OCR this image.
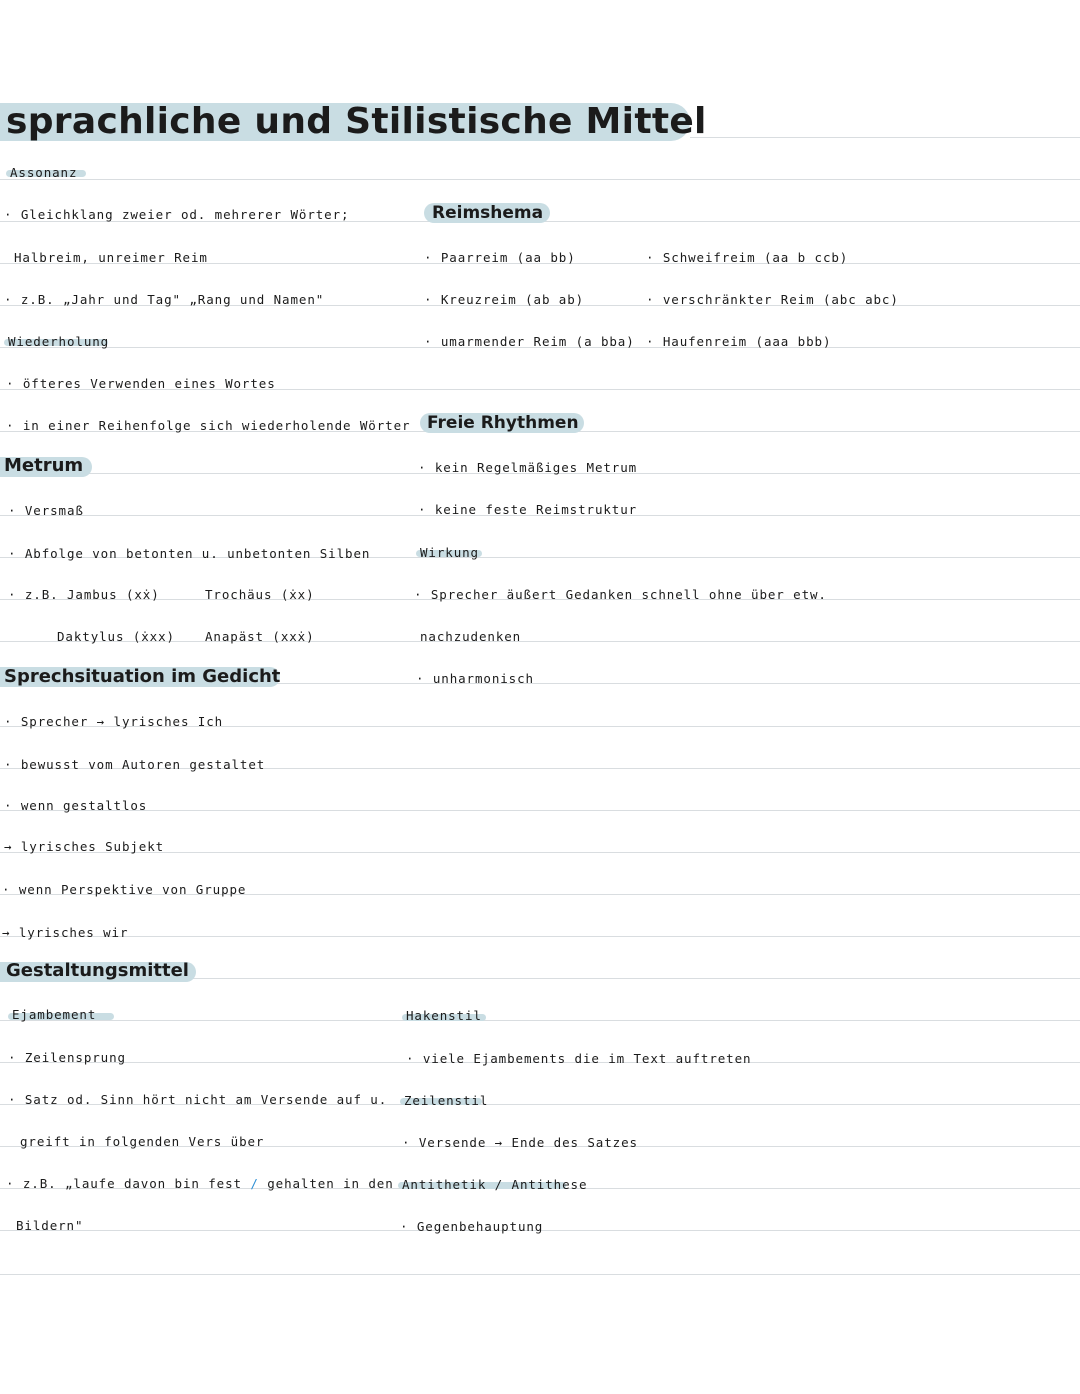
sprachliche und Stilistische Mittel
Assonanz
· Gleichklang zweier od. mehrerer Wörter;
Halbreim, unreimer Reim
· z.B. „Jahr und Tag" „Rang und Namen"
Wiederholung
· öfteres Verwenden eines Wortes
· in einer Reihenfolge sich wiederholende Wörter
Metrum
· Versmaß
· Abfolge von betonten u. unbetonten Silben
· z.B. Jambus (xẋ)	Trochäus (ẋx)
Daktylus (ẋxx) Anapäst (xxẋ)
Sprechsituation im Gedicht
· Sprecher → lyrisches Ich
· bewusst vom Autoren gestaltet
· wenn gestaltlos
→ lyrisches Subjekt
· wenn Perspektive von Gruppe
→ lyrisches wir
Gestaltungsmittel
Ejambement
· Zeilensprung
· Satz od. Sinn hört nicht am Versende auf u.
greift in folgenden Vers über
· z.B. „laufe davon bin fest / gehalten in den
Bildern"
Reimshema
· Paarreim (aa bb)
· Kreuzreim (ab ab)
· umarmender Reim (a bba)
· Schweifreim (aa b ccb)
· verschränkter Reim (abc abc)
· Haufenreim (aaa bbb)
Freie Rhythmen
· kein Regelmäßiges Metrum
· keine feste Reimstruktur
Wirkung
· Sprecher äußert Gedanken schnell ohne über etw.
nachzudenken
· unharmonisch
Hakenstil
· viele Ejambements die im Text auftreten
Zeilenstil
· Versende → Ende des Satzes
Antithetik / Antithese
· Gegenbehauptung
